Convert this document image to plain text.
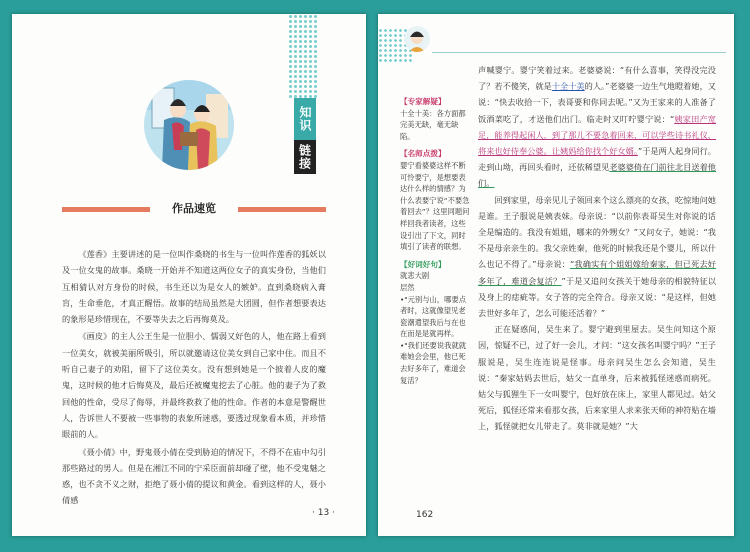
知识
链接
作品速览

《莲香》主要讲述的是一位叫作桑晓的书生与一位叫作莲香的狐妖以及一位女鬼的故事。桑晓一开始并不知道这两位女子的真实身份，当他们互相猜认对方身份的时候，书生还以为是女人的嫉妒。直到桑晓病入膏肓，生命垂危，才真正醒悟。故事的结局虽然是大团圆，但作者想要表达的象形是珍惜现在，不要等失去之后再悔莫及。

《画皮》的主人公王生是一位胆小、懦弱又好色的人，他在路上看到一位美女，就被美丽所吸引，所以就邀请这位美女到自己家中住。而且不听自己妻子的劝阻，留下了这位美女。没有想到她是一个披着人皮的魔鬼，这时候的他才后悔莫及，最后还被魔鬼挖去了心脏。他的妻子为了救回他的性命，受尽了侮辱，并最终救救了他的性命。作者的本意是警醒世人，告诉世人不要被一些事物的表象所迷惑，要透过现象看本质，并珍惜眼前的人。

《聂小倩》中，野鬼聂小倩在受到胁迫的情况下，不得不在庙中勾引那些路过的男人。但是在湘江不同的宁采臣面前却碰了壁，他不受鬼魅之惑，也不贪不义之财，拒绝了聂小倩的提议和黄金。看到这样的人，聂小倩感

· 13 ·
【专家解疑】
十全十美：各方面都完美无缺，毫无缺陷。
【名师点拨】
婴宁看婆婆这样不断可怜要宁，是想要表达什么样的情感？为什么表要宁说“不要急着回去”？这里同题问样回我者读者，这些设引出了下文，同时填引了读者的联想。
【好词好句】
就悲大剧
层然
•"元别与山，哪要点者时，这就像望见老瓷潮遣望我后与在也在而是是就再样。
•"我们还要说我就就难她会会里，他已死去好多年了，难道会复活？

声喊婴宁。婴宁笑着过来。老婆婆说：“有什么喜事，笑得没完没了？若不傻笑，就是十全十美的人。”老婆婆一边生气地瞪着她，又说：“快去收拾一下，表哥要和你同去呢。”又为王家来的人准备了饭酒菜吃了，才送他们出门。临走时又叮咛婴宁说：“姨家田产宽足，能养得起闲人，到了那儿不要急着回来，可以学些诗书礼仪，将来也好侍奉公婆。让姨妈给你找个好女婿。”于是两人起身同行。走到山坳，再回头看时，还依稀望见老婆婆倚在门前往北目送着他们。

回到家里，母亲见儿子领回来个这么漂亮的女孩，吃惊地问她是谁。王子服说是姨表妹。母亲说：“以前你表哥吴生对你说的话全是编造的。我没有姐姐，哪来的外甥女？”又问女子，她说：“我不是母亲亲生的。我父亲姓秦，他死的时候我还是个婴儿，所以什么也记不得了。”母亲说：“我确实有个姐姐嫁给秦家，但已死去好多年了，难道会复活？”于是又追问女孩关于她母亲的相貌特征以及身上的痣疵等。女子答的完全符合。母亲又说：“是这样，但她去世好多年了，怎么可能还活着？”

正在疑惑间，吴生来了。婴宁避到里屋去。吴生问知这个原因，惊疑不已，过了好一会儿，才问：“这女孩名叫婴宁吗？”王子服说是，吴生连连说是怪事。母亲问吴生怎么会知道，吴生说：“秦家姑妈去世后，姑父一直单身，后来被狐怪迷惑而病死。姑父与狐狸生下一女叫婴宁，包好放在床上，家里人都见过。姑父死后，狐怪还常来看那女孩，后来家里人求来张天师的神符贴在墙上，狐怪就把女儿带走了。莫非就是她？”大

162
